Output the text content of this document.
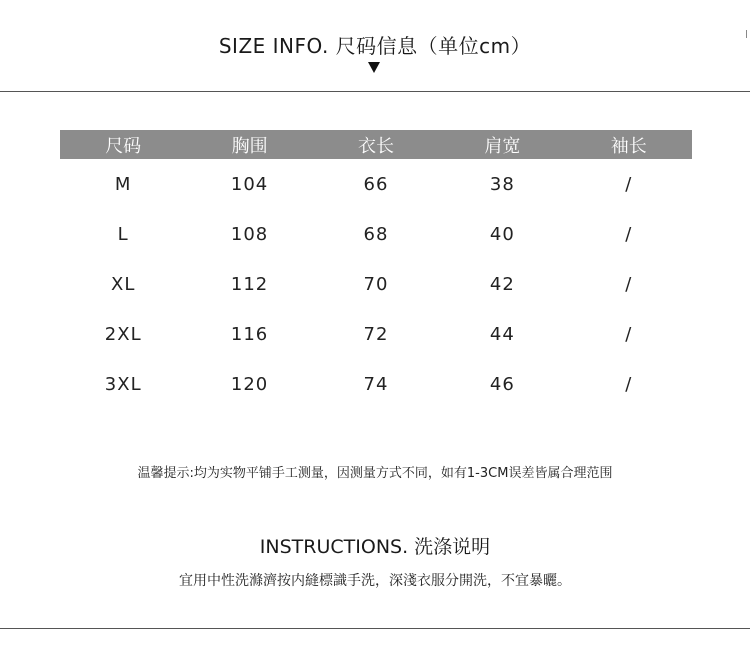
SIZE INFO. 尺码信息（单位cm）
尺码	胸围	衣长	肩宽	袖长
M	104	66	38	/
L	108	68	40	/
XL	112	70	42	/
2XL	116	72	44	/
3XL	120	74	46	/
温馨提示:均为实物平铺手工测量，因测量方式不同，如有1-3CM误差皆属合理范围
INSTRUCTIONS. 洗涤说明
宜用中性洗滌濟按内縫標識手洗，深淺衣服分開洗，不宜暴曬。
